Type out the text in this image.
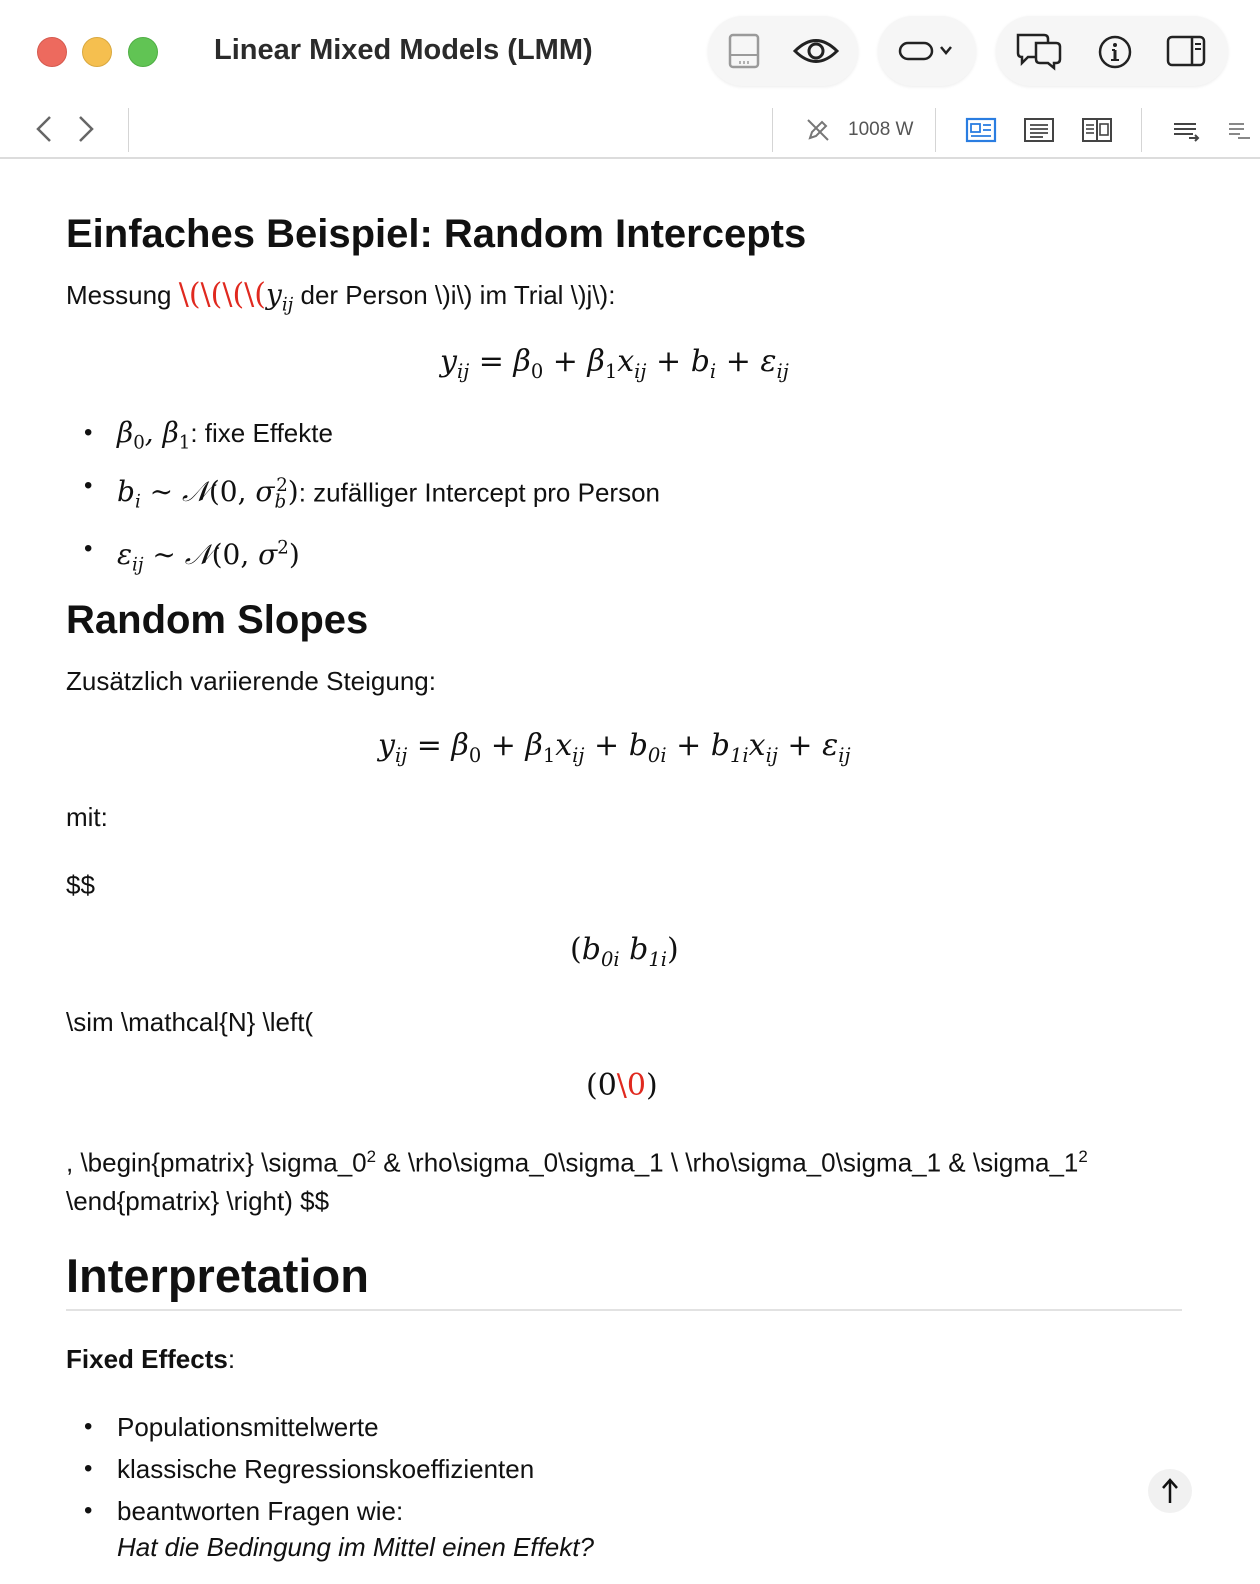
Linear Mixed Models (LMM)
1008 W
Einfaches Beispiel: Random Intercepts

Messung $\backslash(\backslash(\backslash(\backslash(y_{ij}$ der Person \)i\) im Trial \)j\):

$y_{ij} = \beta_0 + \beta_1x_{ij} + b_i + \varepsilon_{ij}$
• $\beta_0$, $\beta_1$: fixe Effekte
• $b_i$ ∼ 𝒩(0, $\sigma_b^2$): zufälliger Intercept pro Person
• $\varepsilon_{ij}$ ∼ 𝒩(0, $\sigma^2$)
Random Slopes

Zusätzlich variierende Steigung:

$y_{ij} = \beta_0 + \beta_1x_{ij} + b_{0i} + b_{1i}x_{ij} + \varepsilon_{ij}$

mit:

$$

($b_{0i}$ $b_{1i}$)

\sim \mathcal{N} \left(

(0\0)

, \begin{pmatrix} $\backslash sigma\_0^2$ & \rho\sigma_0\sigma_1 \ \rho\sigma_0\sigma_1 & $\backslash sigma\_1^2$
\end{pmatrix} \right) $$

Interpretation

Fixed Effects:

• Populationsmittelwerte
• klassische Regressionskoeffizienten
• beantworten Fragen wie:

Hat die Bedingung im Mittel einen Effekt?
